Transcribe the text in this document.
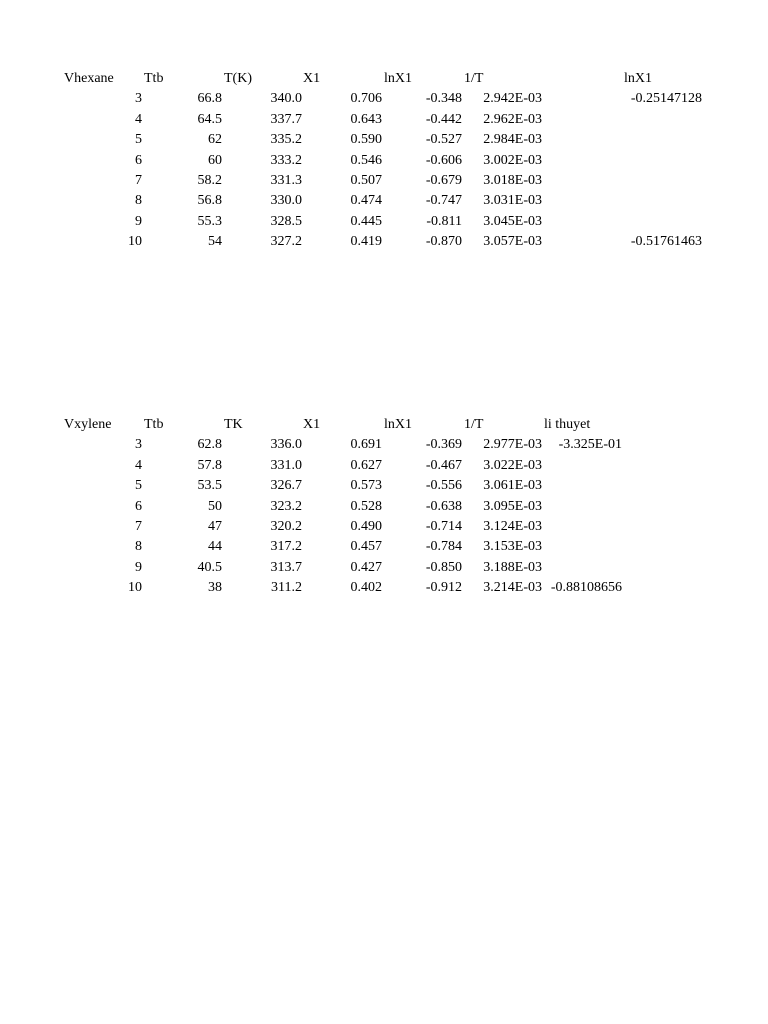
Vhexane Ttb	T(K)	X1	lnX1	1/T	lnX1
3	66.8	340.0	0.706	-0.348 2.942E-03	-0.25147128
4	64.5	337.7	0.643	-0.442 2.962E-03
5	62	335.2	0.590	-0.527 2.984E-03
6	60	333.2	0.546	-0.606 3.002E-03
7	58.2	331.3	0.507	-0.679 3.018E-03
8	56.8	330.0	0.474	-0.747 3.031E-03
9	55.3	328.5	0.445	-0.811 3.045E-03
10	54	327.2	0.419	-0.870 3.057E-03	-0.51761463
Vxylene Ttb	TK	X1	lnX1	1/T	li thuyet
3	62.8	336.0	0.691	-0.369 2.977E-03 -3.325E-01
4	57.8	331.0	0.627	-0.467 3.022E-03
5	53.5	326.7	0.573	-0.556 3.061E-03
6	50	323.2	0.528	-0.638 3.095E-03
7	47	320.2	0.490	-0.714 3.124E-03
8	44	317.2	0.457	-0.784 3.153E-03
9	40.5	313.7	0.427	-0.850 3.188E-03
10	38	311.2	0.402	-0.912 3.214E-03 -0.88108656
